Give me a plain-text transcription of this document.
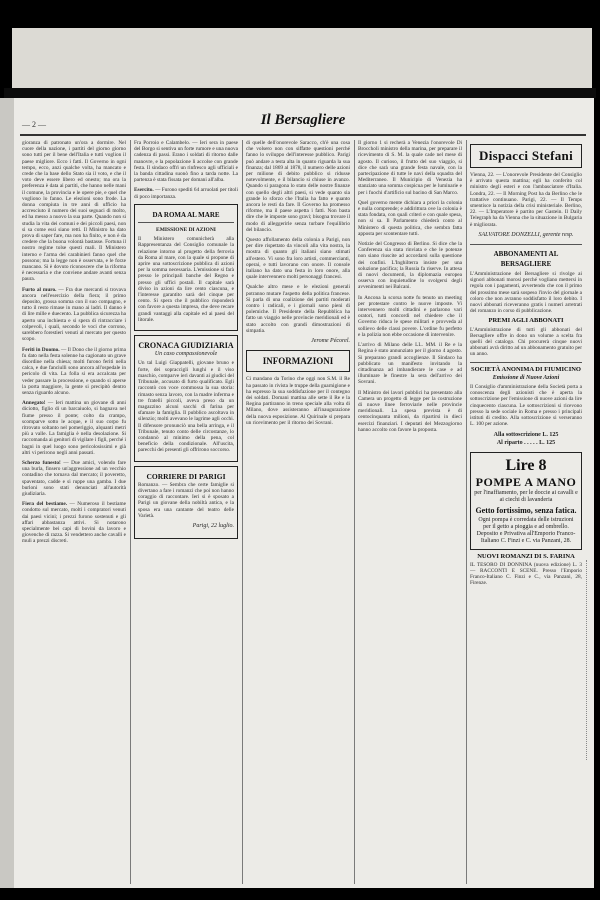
— 2 —	Il Bersagliere

gioranza di patronato un'ora a dormire. Nel cuore della nazione, i partiti del giorno giorno sono tutti per il bene dell'Italia e tutti voglion il paese migliore. Ecco i fatti. Il Governo in ogni tempo, ecco, anzi qualche volta, ha mancato e crede che la base dello Stato sia il voto, e che il voto deve essere libero ed onesto; ma ora la preferenza è data ai partiti, che hanno nelle mani il comune, la provincia e le opere pie, e quel che vogliono lo fanno. Le elezioni sono frode. La donna compiuta in tre anni di ufficio ha accresciuto il numero dei suoi seguaci di molto, ed ha messo a nuovo la sua parte. Quando non si studia la vita dei comuni e dei piccoli paesi, non si sa come essi siano retti. Il Ministro ha dato prova di saper fare, ma non ha finito, e non è da credere che la buona volontà bastasse. Fortuna il nostro regime tolse questi mali. Il Ministero interno e l'arma dei carabinieri fanno quel che possono; ma la legge non è osservata, e le forze mancano. Si è dovuto riconoscere che la riforma è necessaria e che conviene andare avanti senza paura.

Furto al muro. — Fra due mercanti si trovava ancora nell'esercizio della fiera; il primo deposito, grossa somma con il suo compagno, e tutto il resto rimase in mano ai ladri. Il danno è di lire mille e duecento. La pubblica sicurezza ha aperto una inchiesta e si spera di rintracciare i colpevoli, i quali, secondo le voci che corrono, sarebbero forestieri venuti al mercato per questo scopo.

Feriti in Duomo. — Il Dono che il giorno prima fu dato nella festa solenne ha cagionato un grave disordine nella chiesa; molti furono feriti nella calca, e due fanciulli sono ancora all'ospedale in pericolo di vita. La folla si era accalcata per veder passare la processione, e quando si aperse la porta maggiore, la gente si precipitò dentro senza riguardo alcuno.

Annegato! — Ieri mattina un giovane di anni diciotto, figlio di un barcaiuolo, si bagnava nel fiume presso il ponte; colto da crampo, scomparve sotto le acque, e il suo corpo fu ritrovato soltanto nel pomeriggio, alquanti metri più a valle. La famiglia è nella desolazione. Si raccomanda ai genitori di vigilare i figli, perché i bagni in quel luogo sono pericolosissimi e già altri vi perirono negli anni passati.

Scherzo funesto! — Due amici, volendo fare una burla, finsero un'aggressione ad un vecchio contadino che tornava dal mercato; il poveretto, spaventato, cadde e si ruppe una gamba. I due burloni sono stati denunciati all'autorità giudiziaria.

Fiera del bestiame. — Numeroso il bestiame condotto sul mercato, molti i compratori venuti dai paesi vicini; i prezzi furono sostenuti e gli affari abbastanza attivi. Si notarono specialmente bei capi di bovini da lavoro e giovenche di razza. Si vendettero anche cavalli e muli a prezzi discreti.

Fra Porroio e Calambelo. — Ieri sera in paese del Borgo si sentiva un forte rumore e una nuova cadenza di passi. Erano i soldati di ritorno dalle manovre, e la popolazione li accolse con grande festa. Il sindaco offrì un rinfresco agli ufficiali e la banda cittadina suonò fino a tarda notte. La partenza è stata fissata per domani all'alba.

Esercito. — Furono spediti 64 arruolati per titoli di poco importanza.

DA ROMA AL MARE
EMISSIONE DI AZIONI

Il Ministero comunicherà alla Rappresentanza del Consiglio comunale la relazione intorno al progetto della ferrovia da Roma al mare, con la quale si propone di aprire una sottoscrizione pubblica di azioni per la somma necessaria. L'emissione si farà presso le principali banche del Regno e presso gli uffici postali. Il capitale sarà diviso in azioni da lire cento ciascuna, e l'interesse garantito sarà del cinque per cento. Si spera che il pubblico risponderà con favore a questa impresa, che deve recare grandi vantaggi alla capitale ed ai paesi del litorale.

CRONACA GIUDIZIARIA
Un caso compassionevole

Un tal Luigi Giappatelli, giovane bruno e forte, dei sopraccigli lunghi e il viso maschio, comparve ieri davanti ai giudici del Tribunale, accusato di furto qualificato. Egli raccontò con voce commossa la sua storia: rimasto senza lavoro, con la madre inferma e tre fratelli piccoli, aveva preso da un magazzino alcuni sacchi di farina per sfamare la famiglia. Il pubblico ascoltava in silenzio; molti avevano le lagrime agli occhi. Il difensore pronunciò una bella arringa, e il Tribunale, tenuto conto delle circostanze, lo condannò al minimo della pena, col beneficio della condizionale. All'uscita, parecchi dei presenti gli offrirono soccorso.

CORRIERE DI PARIGI

Romanzo. — Sembra che certe famiglie si divertano a fare i romanzi che poi non hanno coraggio di raccontare. Ieri si è sposato a Parigi un giovane della nobiltà antica, e la sposa era una cantante del teatro delle Varietà.

Parigi, 22 luglio.

di quelle dell'onorevole Saracco, ch'è una cosa che volsero non con siffatte questioni perché fanno lo sviluppo dell'interesse pubblico. Parigi può andare a testa alta in quanto riguarda la sua finanza; dal 1869 al 1878, il numero delle azioni per milione di debito pubblico si ridusse notevolmente, e il bilancio si chiuse in avanzo. Quando si paragona lo stato delle nostre finanze con quello degli altri paesi, si vede quanto sia grande lo sforzo che l'Italia ha fatto e quanto ancora le resti da fare. Il Governo ha promesso riforme, ma il paese aspetta i fatti. Non basta dire che le imposte sono gravi; bisogna trovare il modo di alleggerirle senza turbare l'equilibrio del bilancio.

Questo affollamento della colonia a Parigi, non per dire rispettato da vincoli alla vita nostra, la mostra di quanto gli italiani siano stimati all'estero. Vi sono fra loro artisti, commercianti, operai, e tutti lavorano con onore. Il console italiano ha dato una festa in loro onore, alla quale intervennero molti personaggi francesi.

Qualche altro mese e le elezioni generali potranno mutare l'aspetto della politica francese. Si parla di una coalizione dei partiti moderati contro i radicali, e i giornali sono pieni di polemiche. Il Presidente della Repubblica ha fatto un viaggio nelle provincie meridionali ed è stato accolto con grandi dimostrazioni di simpatia.

Jerome Pécorel.
INFORMAZIONI

Ci mandano da Torino che oggi non S.M. il Re ha passato in rivista le truppe della guarnigione e ha espresso la sua soddisfazione per il contegno dei soldati. Domani mattina alle sette il Re e la Regina partiranno in treno speciale alla volta di Milano, dove assisteranno all'inaugurazione della nuova esposizione. Al Quirinale si prepara un ricevimento per il ritorno dei Sovrani.

Il giorno 1 si recherà a Venezia l'onorevole Di Broccholi ministro della marina, per preparare il ricevimento di S. M. la quale cade nel mese di agosto. Il curioso, il frutto del suo viaggio, si dice che sarà una grande festa navale, con la partecipazione di tutte le navi della squadra del Mediterraneo. Il Municipio di Venezia ha stanziato una somma cospicua per le luminarie e per i fuochi d'artificio sul bacino di San Marco.

Quel governo mente dichiara a priori la colonia e nulla comprende; e addirittura ove la colonia è stata fondata, con quali criteri e con quale spesa, non si sa. Il Parlamento chiederà conto al Ministero di questa politica, che sembra fatta apposta per scontentare tutti.

Notizie del Congresso di Berlino. Si dice che la Conferenza sia stata rinviata e che le potenze non siano riuscite ad accordarsi sulla questione dei confini. L'Inghilterra insiste per una soluzione pacifica; la Russia fa riserve. In attesa di nuovi documenti, la diplomazia europea osserva con inquietudine lo svolgersi degli avvenimenti nei Balcani.

In Ancona la scorsa notte fu tenuto un meeting per protestare contro le nuove imposte. Vi intervennero molti cittadini e parlarono vari oratori, tutti concordi nel chiedere che il Governo riduca le spese militari e provveda al sollievo delle classi povere. L'ordine fu perfetto e la polizia non ebbe occasione di intervenire.

L'arrivo di Milano delle LL. MM. il Re e la Regina è stato annunziato per il giorno 4 agosto. Si preparano grandi accoglienze. Il Sindaco ha pubblicato un manifesto invitando la cittadinanza ad imbandierare le case e ad illuminare le finestre la sera dell'arrivo dei Sovrani.

Il Ministro dei lavori pubblici ha presentato alla Camera un progetto di legge per la costruzione di nuove linee ferroviarie nelle provincie meridionali. La spesa prevista è di centocinquanta milioni, da ripartirsi in dieci esercizi finanziari. I deputati del Mezzogiorno hanno accolto con favore la proposta.

Dispacci Stefani

Vienna, 22. — L'onorevole Presidente del Consiglio è arrivato questa mattina; egli ha conferito col ministro degli esteri e con l'ambasciatore d'Italia. Londra, 22. — Il Morning Post ha da Berlino che le trattative continuano. Parigi, 22. — Il Temps smentisce la notizia della crisi ministeriale. Berlino, 22. — L'Imperatore è partito per Gastein. Il Daily Telegraph ha da Vienna che la situazione in Bulgaria è migliorata.

SALVATORE DONZELLI, gerente resp.
ABBONAMENTI AL BERSAGLIERE

L'Amministrazione del Bersagliere si rivolge ai signori abbonati morosi perché vogliano mettersi in regola con i pagamenti, avvertendo che con il primo del prossimo mese sarà sospeso l'invio del giornale a coloro che non avranno soddisfatto il loro debito. I nuovi abbonati riceveranno gratis i numeri arretrati del romanzo in corso di pubblicazione.

PREMI AGLI ABBONATI

L'Amministrazione di tutti gli abbonati del Bersagliere offre in dono un volume a scelta fra quelli del catalogo. Chi procurerà cinque nuovi abbonati avrà diritto ad un abbonamento gratuito per un anno.

SOCIETÀ ANONIMA DI FIUMICINO
Emissione di Nuove Azioni

Il Consiglio d'amministrazione della Società porta a conoscenza degli azionisti che è aperta la sottoscrizione per l'emissione di nuove azioni da lire cinquecento ciascuna. Le sottoscrizioni si ricevono presso la sede sociale in Roma e presso i principali istituti di credito. Alla sottoscrizione si verseranno L. 100 per azione.

Alla sottoscrizione L. 125
Al riparto . . . . . L. 125
Lire 8
POMPE A MANO
per l'inaffiamento, per le doccie ai cavalli e ai ciechi di lavanderia
Getto fortissimo, senza fatica.
Ogni pompa è corredata delle istruzioni per il getto a pioggia e ad ombrello. Deposito e Privativa all'Emporio Franco-Italiano C. Finzi e C. via Panzani, 28.
NUOVI ROMANZI DI S. FARINA

IL TESORO DI DONNINA (nuova edizione) L. 3 — RACCONTI E SCENE. Presso l'Emporio Franco-Italiano C. Finzi e C., via Panzani, 28, Firenze.
